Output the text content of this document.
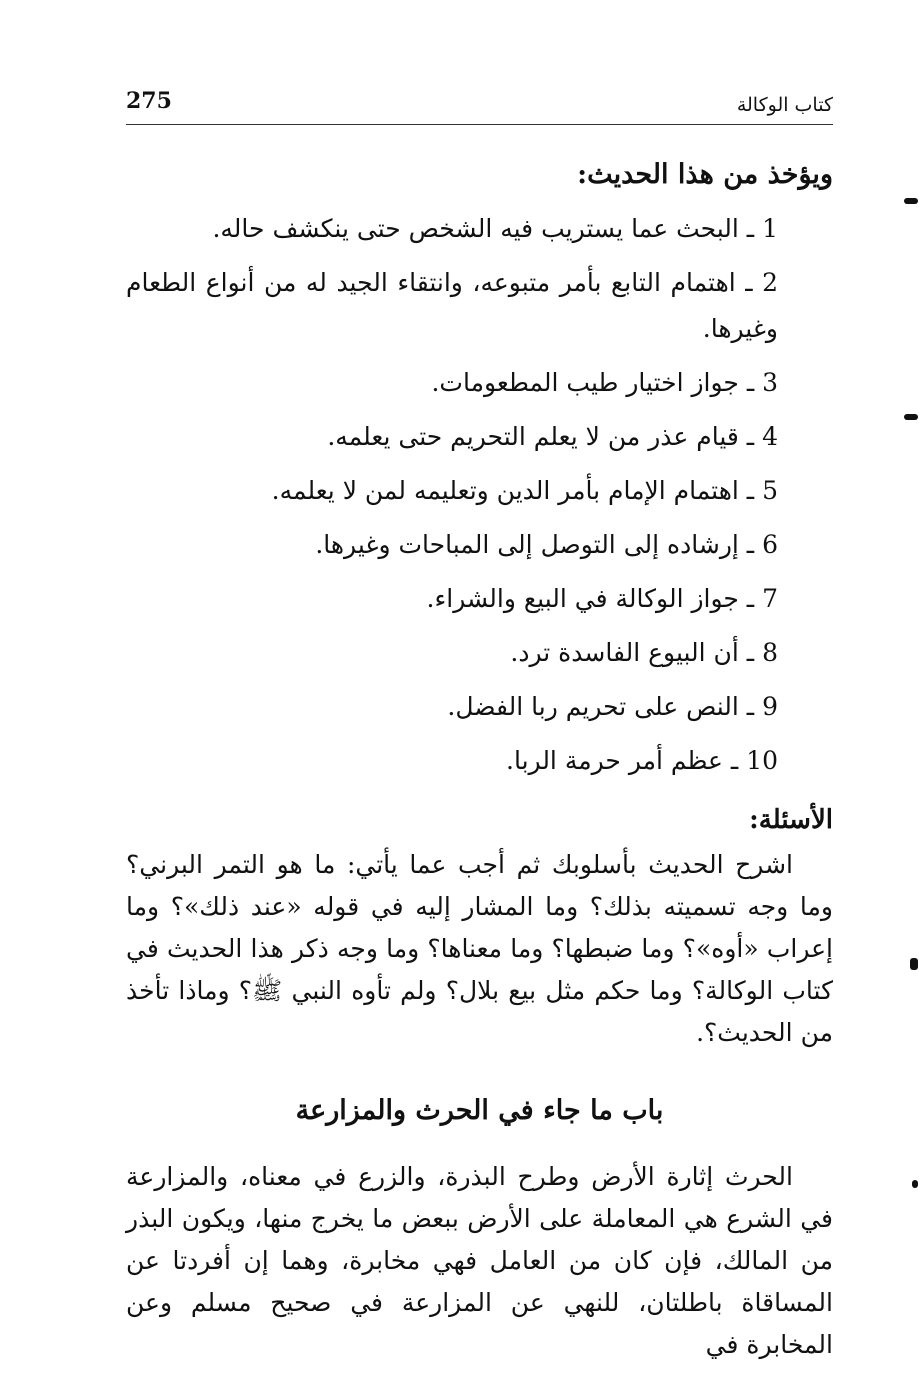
كتاب الوكالة
275
ويؤخذ من هذا الحديث:
1 ـ البحث عما يستريب فيه الشخص حتى ينكشف حاله.
2 ـ اهتمام التابع بأمر متبوعه، وانتقاء الجيد له من أنواع الطعام وغيرها.
3 ـ جواز اختيار طيب المطعومات.
4 ـ قيام عذر من لا يعلم التحريم حتى يعلمه.
5 ـ اهتمام الإمام بأمر الدين وتعليمه لمن لا يعلمه.
6 ـ إرشاده إلى التوصل إلى المباحات وغيرها.
7 ـ جواز الوكالة في البيع والشراء.
8 ـ أن البيوع الفاسدة ترد.
9 ـ النص على تحريم ربا الفضل.
10 ـ عظم أمر حرمة الربا.
الأسئلة:

اشرح الحديث بأسلوبك ثم أجب عما يأتي: ما هو التمر البرني؟ وما وجه تسميته بذلك؟ وما المشار إليه في قوله «عند ذلك»؟ وما إعراب «أوه»؟ وما ضبطها؟ وما معناها؟ وما وجه ذكر هذا الحديث في كتاب الوكالة؟ وما حكم مثل بيع بلال؟ ولم تأوه النبي ﷺ؟ وماذا تأخذ من الحديث؟.

باب ما جاء في الحرث والمزارعة

الحرث إثارة الأرض وطرح البذرة، والزرع في معناه، والمزارعة في الشرع هي المعاملة على الأرض ببعض ما يخرج منها، ويكون البذر من المالك، فإن كان من العامل فهي مخابرة، وهما إن أفردتا عن المساقاة باطلتان، للنهي عن المزارعة في صحيح مسلم وعن المخابرة في
